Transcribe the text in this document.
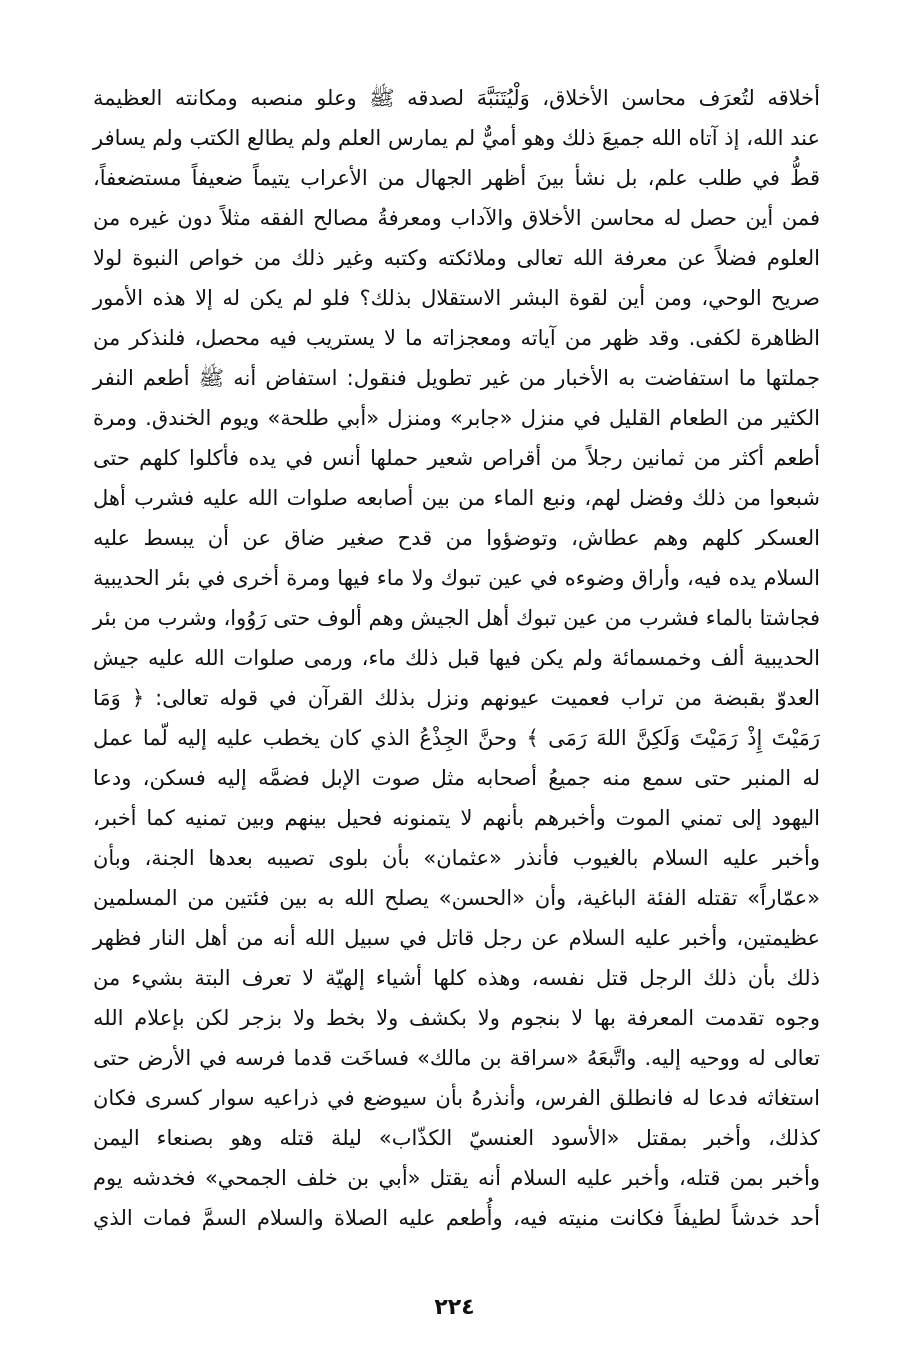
أخلاقه لتُعرَف محاسن الأخلاق، وَلْيُتَنَبَّهَ لصدقه ﷺ وعلو منصبه ومكانته العظيمة
عند الله، إذ آتاه الله جميعَ ذلك وهو أميٌّ لم يمارس العلم ولم يطالع الكتب ولم يسافر
قطُّ في طلب علم، بل نشأ بينَ أظهر الجهال من الأعراب يتيماً ضعيفاً مستضعفاً،
فمن أين حصل له محاسن الأخلاق والآداب ومعرفةُ مصالح الفقه مثلاً دون غيره من
العلوم فضلاً عن معرفة الله تعالى وملائكته وكتبه وغير ذلك من خواص النبوة لولا
صريح الوحي، ومن أين لقوة البشر الاستقلال بذلك؟ فلو لم يكن له إلا هذه الأمور
الظاهرة لكفى. وقد ظهر من آياته ومعجزاته ما لا يستريب فيه محصل، فلنذكر من
جملتها ما استفاضت به الأخبار من غير تطويل فنقول: استفاض أنه ﷺ أطعم النفر
الكثير من الطعام القليل في منزل «جابر» ومنزل «أبي طلحة» ويوم الخندق. ومرة
أطعم أكثر من ثمانين رجلاً من أقراص شعير حملها أنس في يده فأكلوا كلهم حتى
شبعوا من ذلك وفضل لهم، ونبع الماء من بين أصابعه صلوات الله عليه فشرب أهل
العسكر كلهم وهم عطاش، وتوضؤوا من قدح صغير ضاق عن أن يبسط عليه
السلام يده فيه، وأراق وضوءه في عين تبوك ولا ماء فيها ومرة أخرى في بئر الحديبية
فجاشتا بالماء فشرب من عين تبوك أهل الجيش وهم ألوف حتى رَوُوا، وشرب من بئر
الحديبية ألف وخمسمائة ولم يكن فيها قبل ذلك ماء، ورمى صلوات الله عليه جيش
العدوّ بقبضة من تراب فعميت عيونهم ونزل بذلك القرآن في قوله تعالى: ﴿ وَمَا
رَمَيْتَ إِذْ رَمَيْتَ وَلَكِنَّ اللهَ رَمَى ﴾ وحنَّ الجِذْعُ الذي كان يخطب عليه إليه لّما عمل
له المنبر حتى سمع منه جميعُ أصحابه مثل صوت الإبل فضمَّه إليه فسكن، ودعا
اليهود إلى تمني الموت وأخبرهم بأنهم لا يتمنونه فحيل بينهم وبين تمنيه كما أخبر،
وأخبر عليه السلام بالغيوب فأنذر «عثمان» بأن بلوى تصيبه بعدها الجنة، وبأن
«عمّاراً» تقتله الفئة الباغية، وأن «الحسن» يصلح الله به بين فئتين من المسلمين
عظيمتين، وأخبر عليه السلام عن رجل قاتل في سبيل الله أنه من أهل النار فظهر
ذلك بأن ذلك الرجل قتل نفسه، وهذه كلها أشياء إلهيّة لا تعرف البتة بشيء من
وجوه تقدمت المعرفة بها لا بنجوم ولا بكشف ولا بخط ولا بزجر لكن بإعلام الله
تعالى له ووحيه إليه. واتَّبعَهُ «سراقة بن مالك» فساخَت قدما فرسه في الأرض حتى
استغاثه فدعا له فانطلق الفرس، وأنذرهُ بأن سيوضع في ذراعيه سوار كسرى فكان
كذلك، وأخبر بمقتل «الأسود العنسيّ الكذّاب» ليلة قتله وهو بصنعاء اليمن
وأخبر بمن قتله، وأخبر عليه السلام أنه يقتل «أبي بن خلف الجمحي» فخدشه يوم
أحد خدشاً لطيفاً فكانت منيته فيه، وأُطعم عليه الصلاة والسلام السمَّ فمات الذي
٢٢٤
